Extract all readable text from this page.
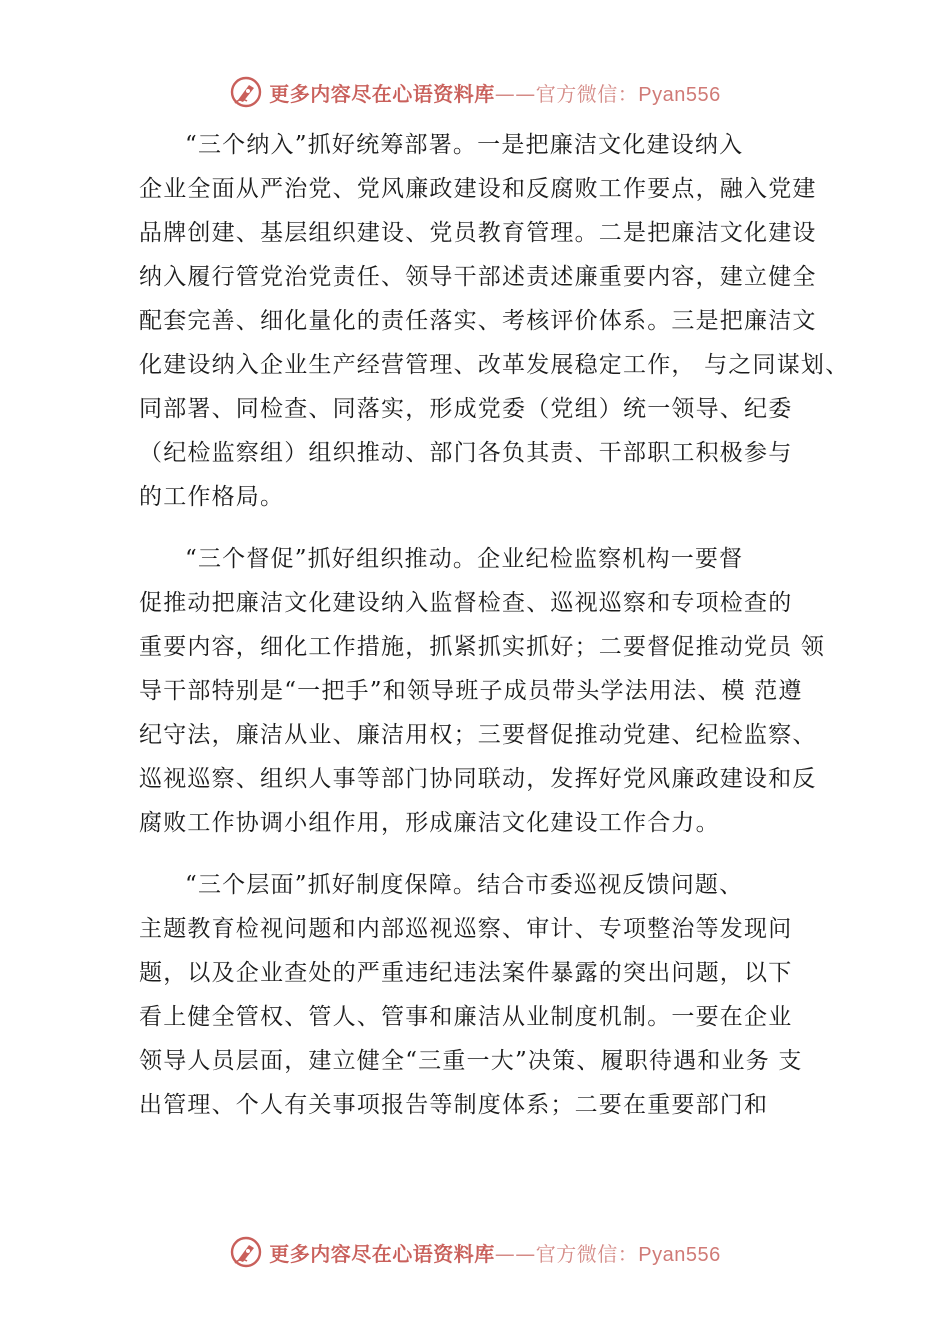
更多内容尽在心语资料库——官方微信：Pyan556
“三个纳入”抓好统筹部署。一是把廉洁文化建设纳入
企业全面从严治党、党风廉政建设和反腐败工作要点，融入党建
品牌创建、基层组织建设、党员教育管理。二是把廉洁文化建设
纳入履行管党治党责任、领导干部述责述廉重要内容，建立健全
配套完善、细化量化的责任落实、考核评价体系。三是把廉洁文
化建设纳入企业生产经营管理、改革发展稳定工作， 与之同谋划、
同部署、同检查、同落实，形成党委（党组）统一领导、纪委
（纪检监察组）组织推动、部门各负其责、干部职工积极参与
的工作格局。
“三个督促”抓好组织推动。企业纪检监察机构一要督
促推动把廉洁文化建设纳入监督检查、巡视巡察和专项检查的
重要内容，细化工作措施，抓紧抓实抓好；二要督促推动党员 领
导干部特别是“一把手”和领导班子成员带头学法用法、模 范遵
纪守法，廉洁从业、廉洁用权；三要督促推动党建、纪检监察、
巡视巡察、组织人事等部门协同联动，发挥好党风廉政建设和反
腐败工作协调小组作用，形成廉洁文化建设工作合力。
“三个层面”抓好制度保障。结合市委巡视反馈问题、
主题教育检视问题和内部巡视巡察、审计、专项整治等发现问
题，以及企业查处的严重违纪违法案件暴露的突出问题，以下
看上健全管权、管人、管事和廉洁从业制度机制。一要在企业
领导人员层面，建立健全“三重一大”决策、履职待遇和业务 支
出管理、个人有关事项报告等制度体系；二要在重要部门和
更多内容尽在心语资料库——官方微信：Pyan556
